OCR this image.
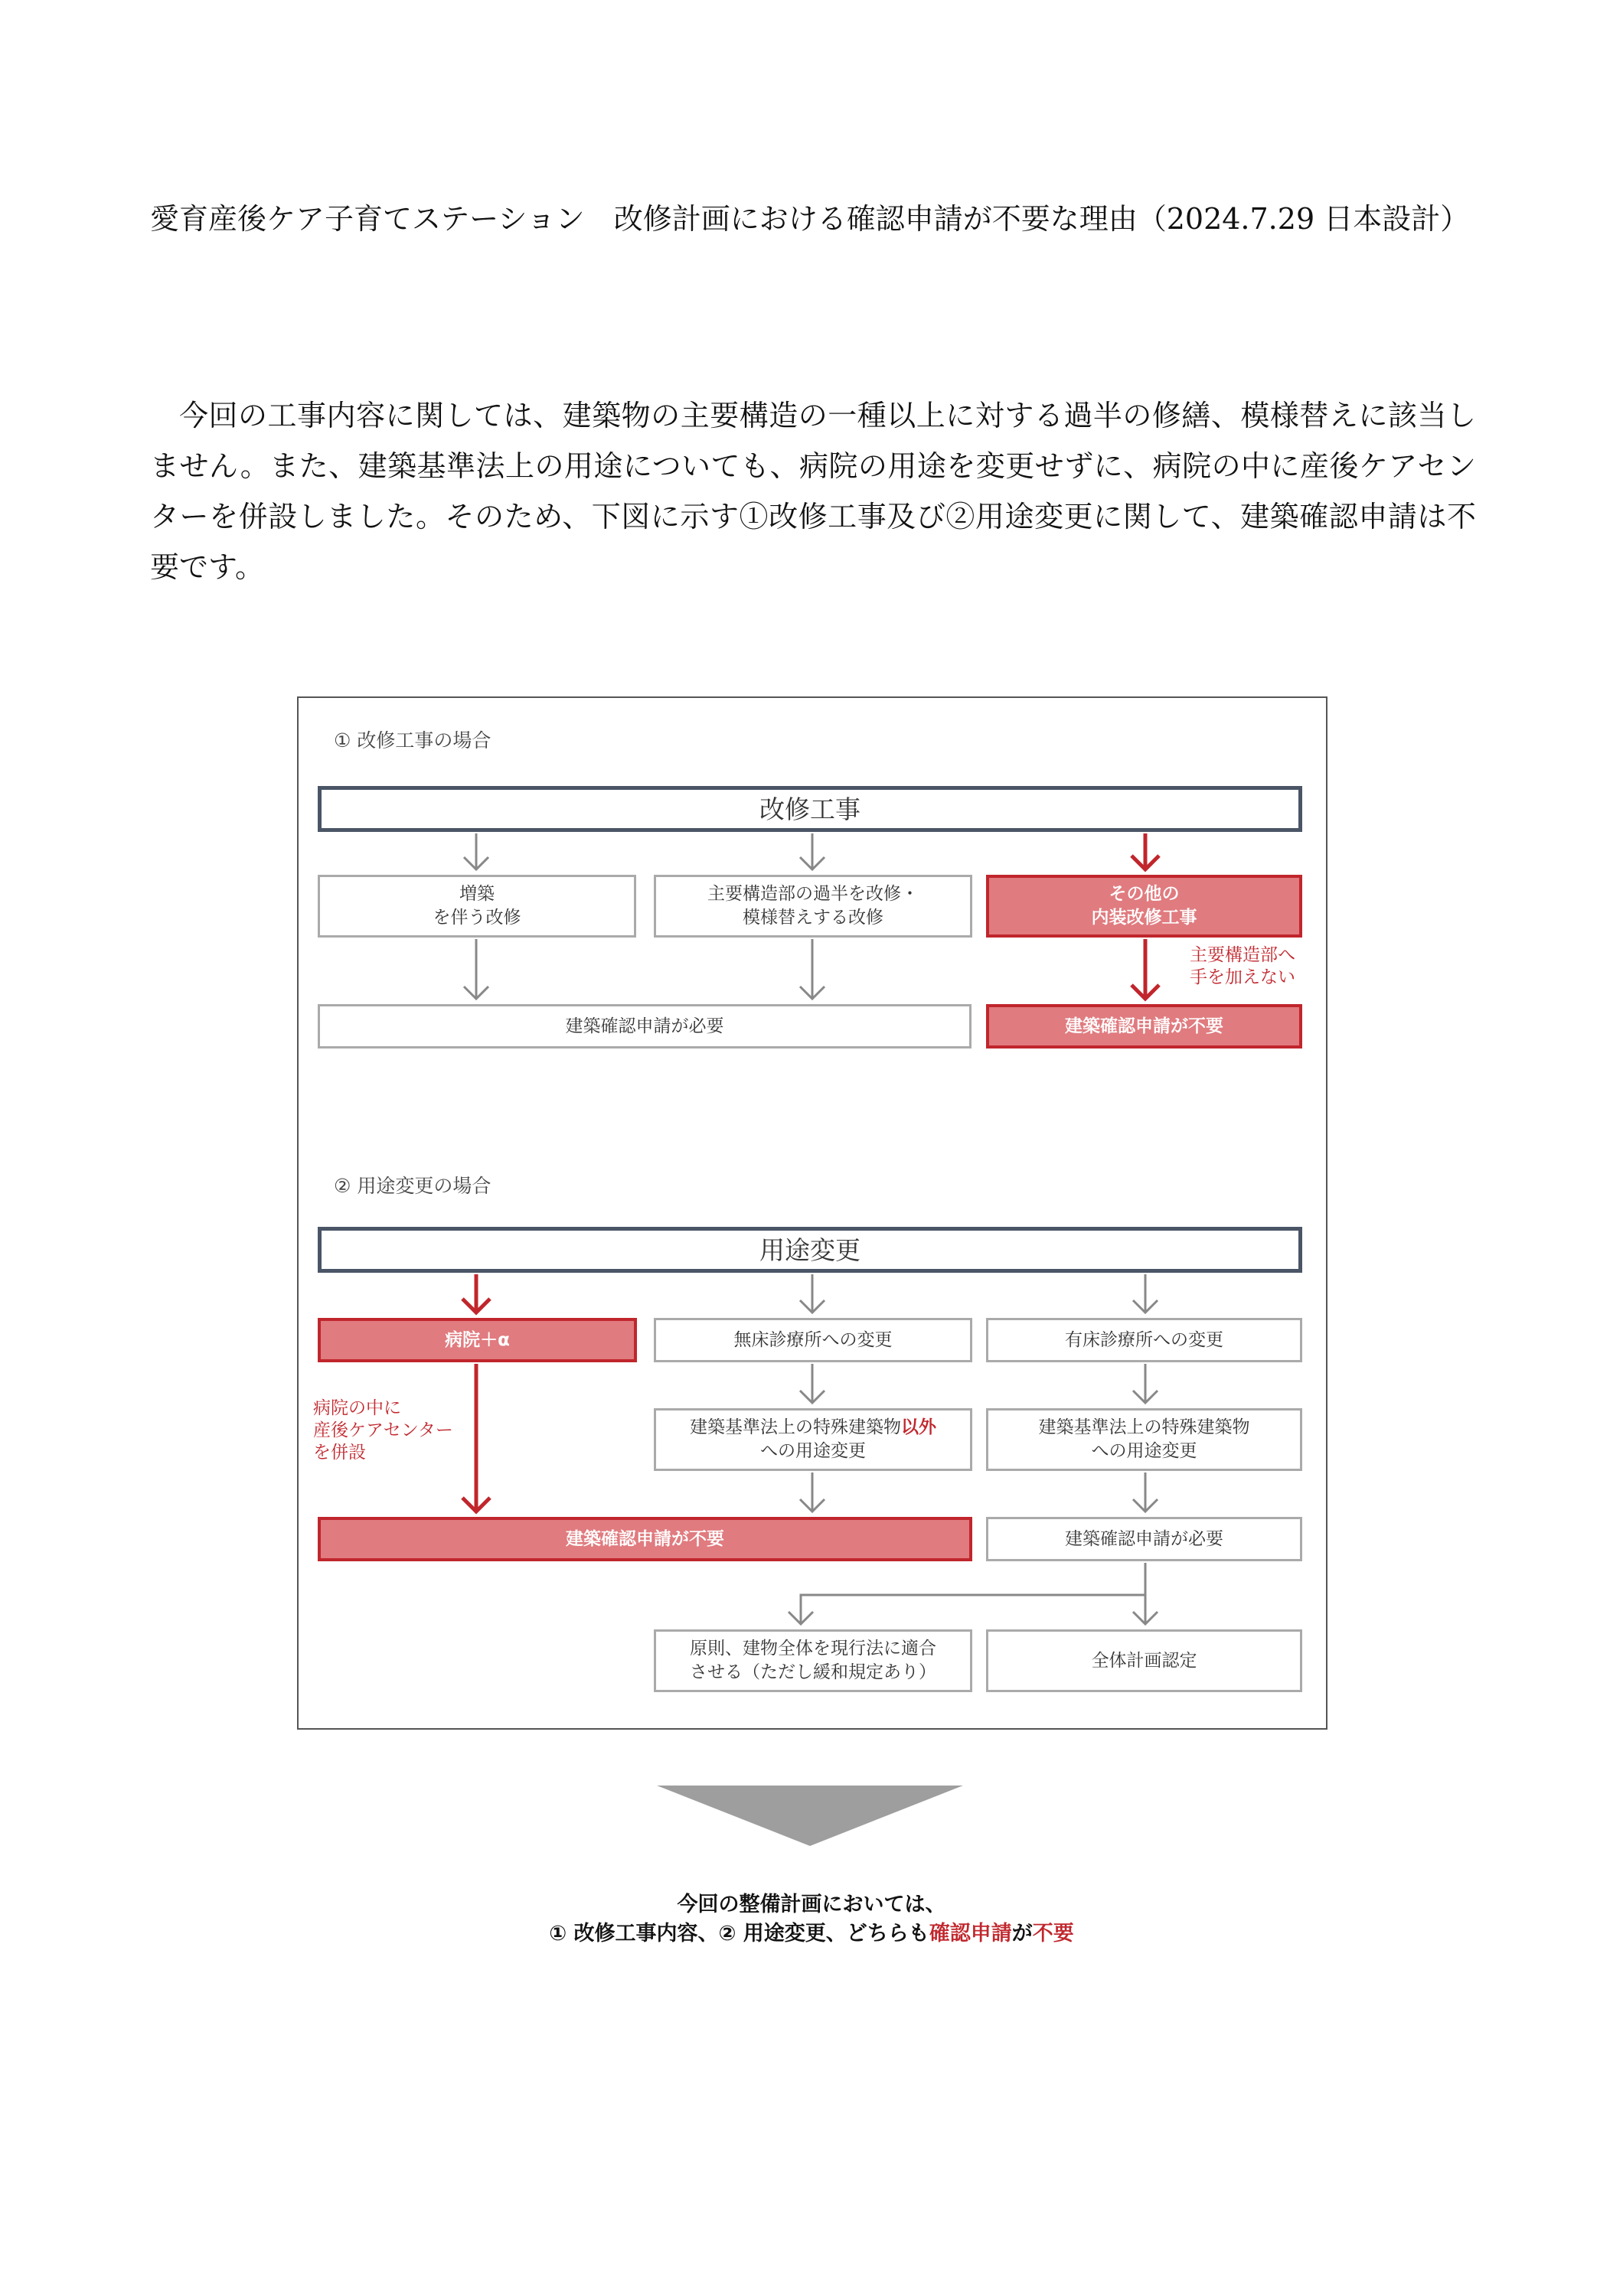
愛育産後ケア子育てステーション　改修計画における確認申請が不要な理由（2024.7.29 日本設計）

今回の工事内容に関しては、建築物の主要構造の一種以上に対する過半の修繕、模様替えに該当しません。また、建築基準法上の用途についても、病院の用途を変更せずに、病院の中に産後ケアセンターを併設しました。そのため、下図に示す①改修工事及び②用途変更に関して、建築確認申請は不要です。

① 改修工事の場合
改修工事
増築
を伴う改修
主要構造部の過半を改修・
模様替えする改修
その他の
内装改修工事
主要構造部へ
手を加えない
建築確認申請が必要	建築確認申請が不要
② 用途変更の場合
用途変更
病院＋α	無床診療所への変更	有床診療所への変更
病院の中に
産後ケアセンター
を併設
建築基準法上の特殊建築物以外
への用途変更
建築基準法上の特殊建築物
への用途変更
建築確認申請が不要	建築確認申請が必要
原則、建物全体を現行法に適合
させる（ただし緩和規定あり）
全体計画認定
今回の整備計画においては、
① 改修工事内容、② 用途変更、どちらも確認申請が不要
